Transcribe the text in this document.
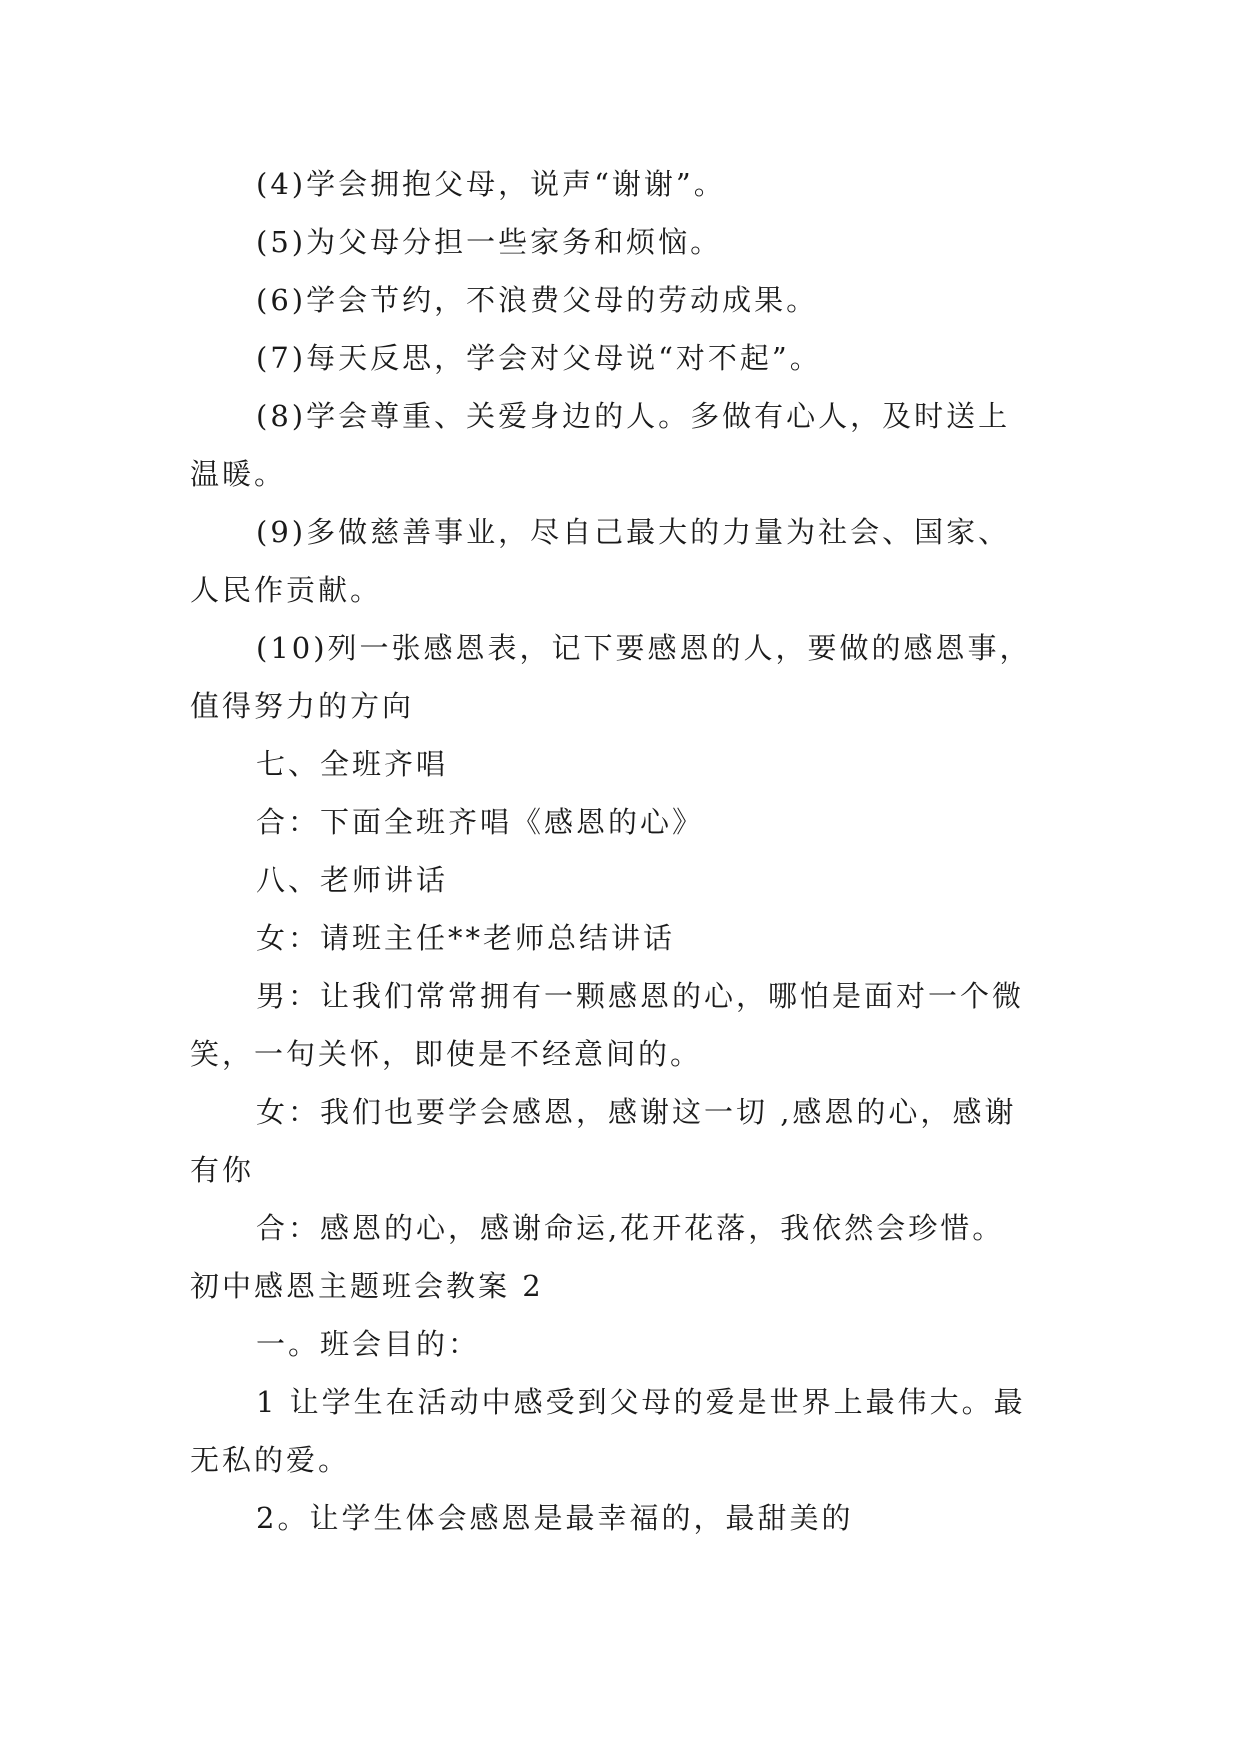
(4)学会拥抱父母，说声“谢谢”。

(5)为父母分担一些家务和烦恼。

(6)学会节约，不浪费父母的劳动成果。

(7)每天反思，学会对父母说“对不起”。

(8)学会尊重、关爱身边的人。多做有心人，及时送上

温暖。

(9)多做慈善事业，尽自己最大的力量为社会、国家、

人民作贡献。

(10)列一张感恩表，记下要感恩的人，要做的感恩事，

值得努力的方向

七、全班齐唱

合：下面全班齐唱《感恩的心》

八、老师讲话

女：请班主任**老师总结讲话

男：让我们常常拥有一颗感恩的心，哪怕是面对一个微

笑，一句关怀，即使是不经意间的。

女：我们也要学会感恩，感谢这一切 ,感恩的心，感谢

有你

合：感恩的心，感谢命运,花开花落，我依然会珍惜。

初中感恩主题班会教案 2

一。班会目的：

1 让学生在活动中感受到父母的爱是世界上最伟大。最

无私的爱。

2。让学生体会感恩是最幸福的，最甜美的
